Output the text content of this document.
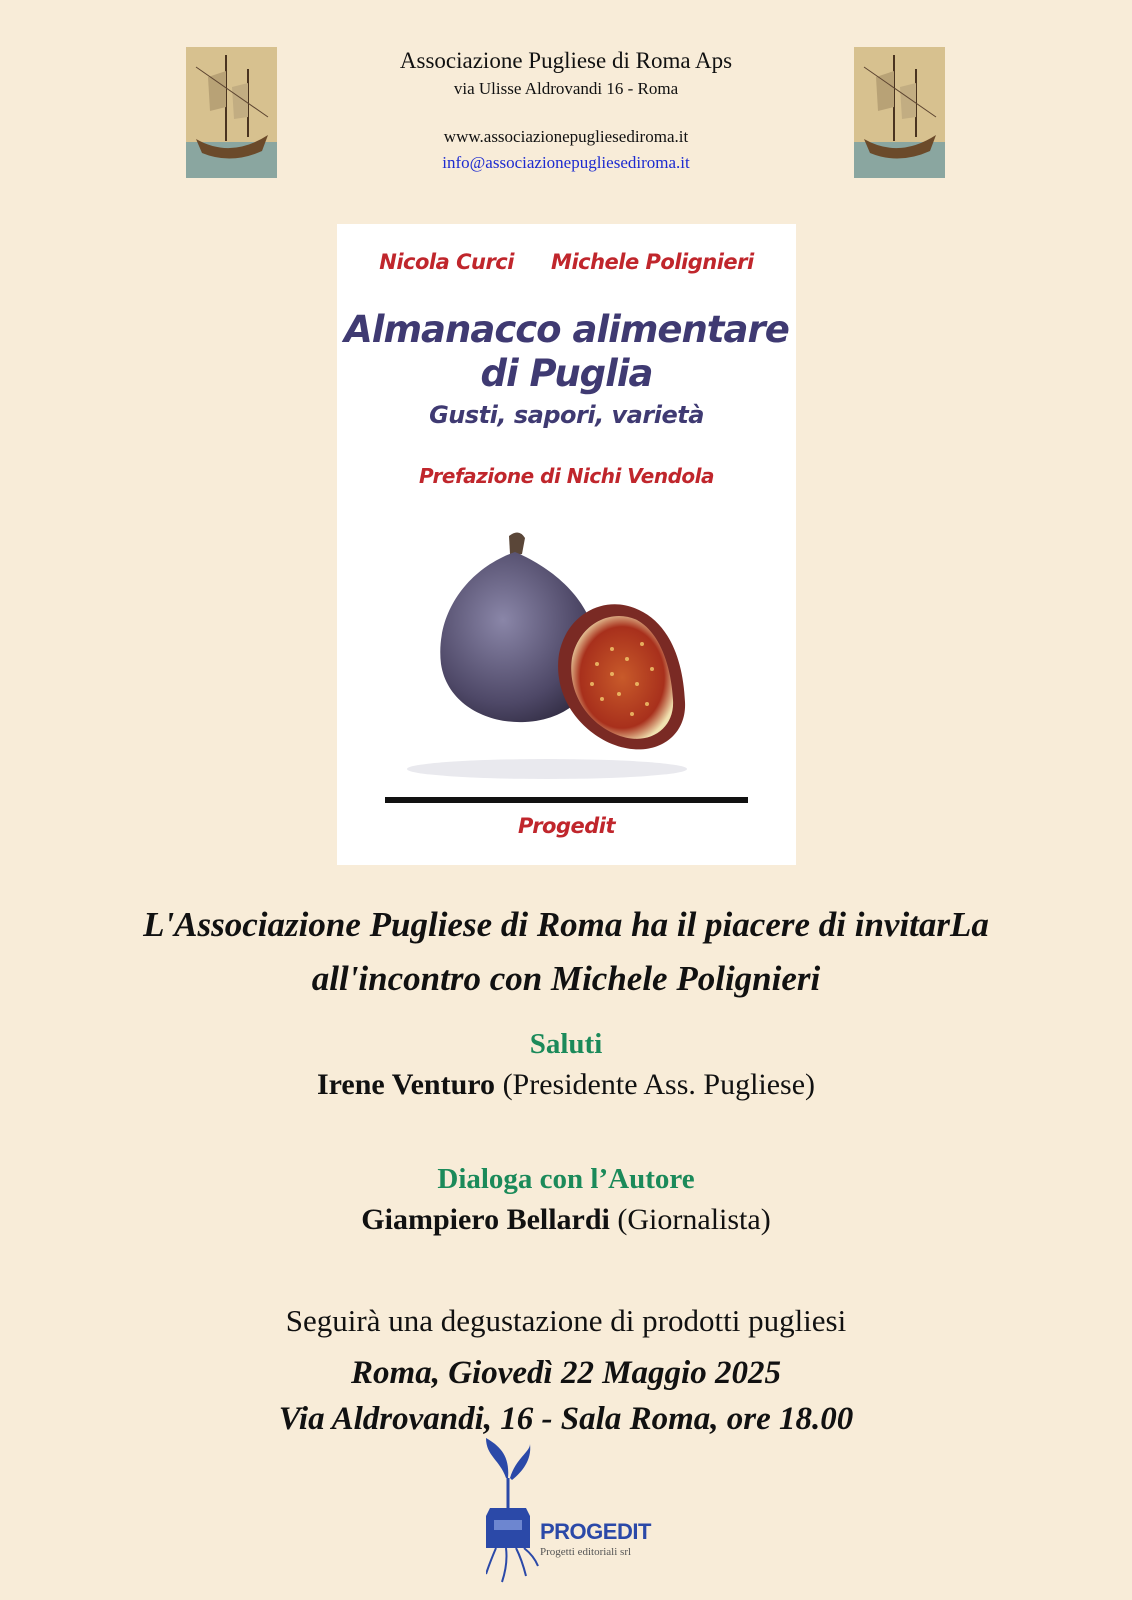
Associazione Pugliese di Roma Aps
via Ulisse Aldrovandi 16 - Roma
www.associazionepugliesediroma.it
info@associazionepugliesediroma.it
Nicola Curci Michele Polignieri
Almanacco alimentare
di Puglia
Gusti, sapori, varietà
Prefazione di Nichi Vendola
Progedit
L'Associazione Pugliese di Roma ha il piacere di invitarLa
all'incontro con Michele Polignieri
Saluti
Irene Venturo (Presidente Ass. Pugliese)
Dialoga con l’Autore
Giampiero Bellardi (Giornalista)
Seguirà una degustazione di prodotti pugliesi
Roma, Giovedì 22 Maggio 2025
Via Aldrovandi, 16 - Sala Roma, ore 18.00
PROGEDIT
Progetti editoriali srl
